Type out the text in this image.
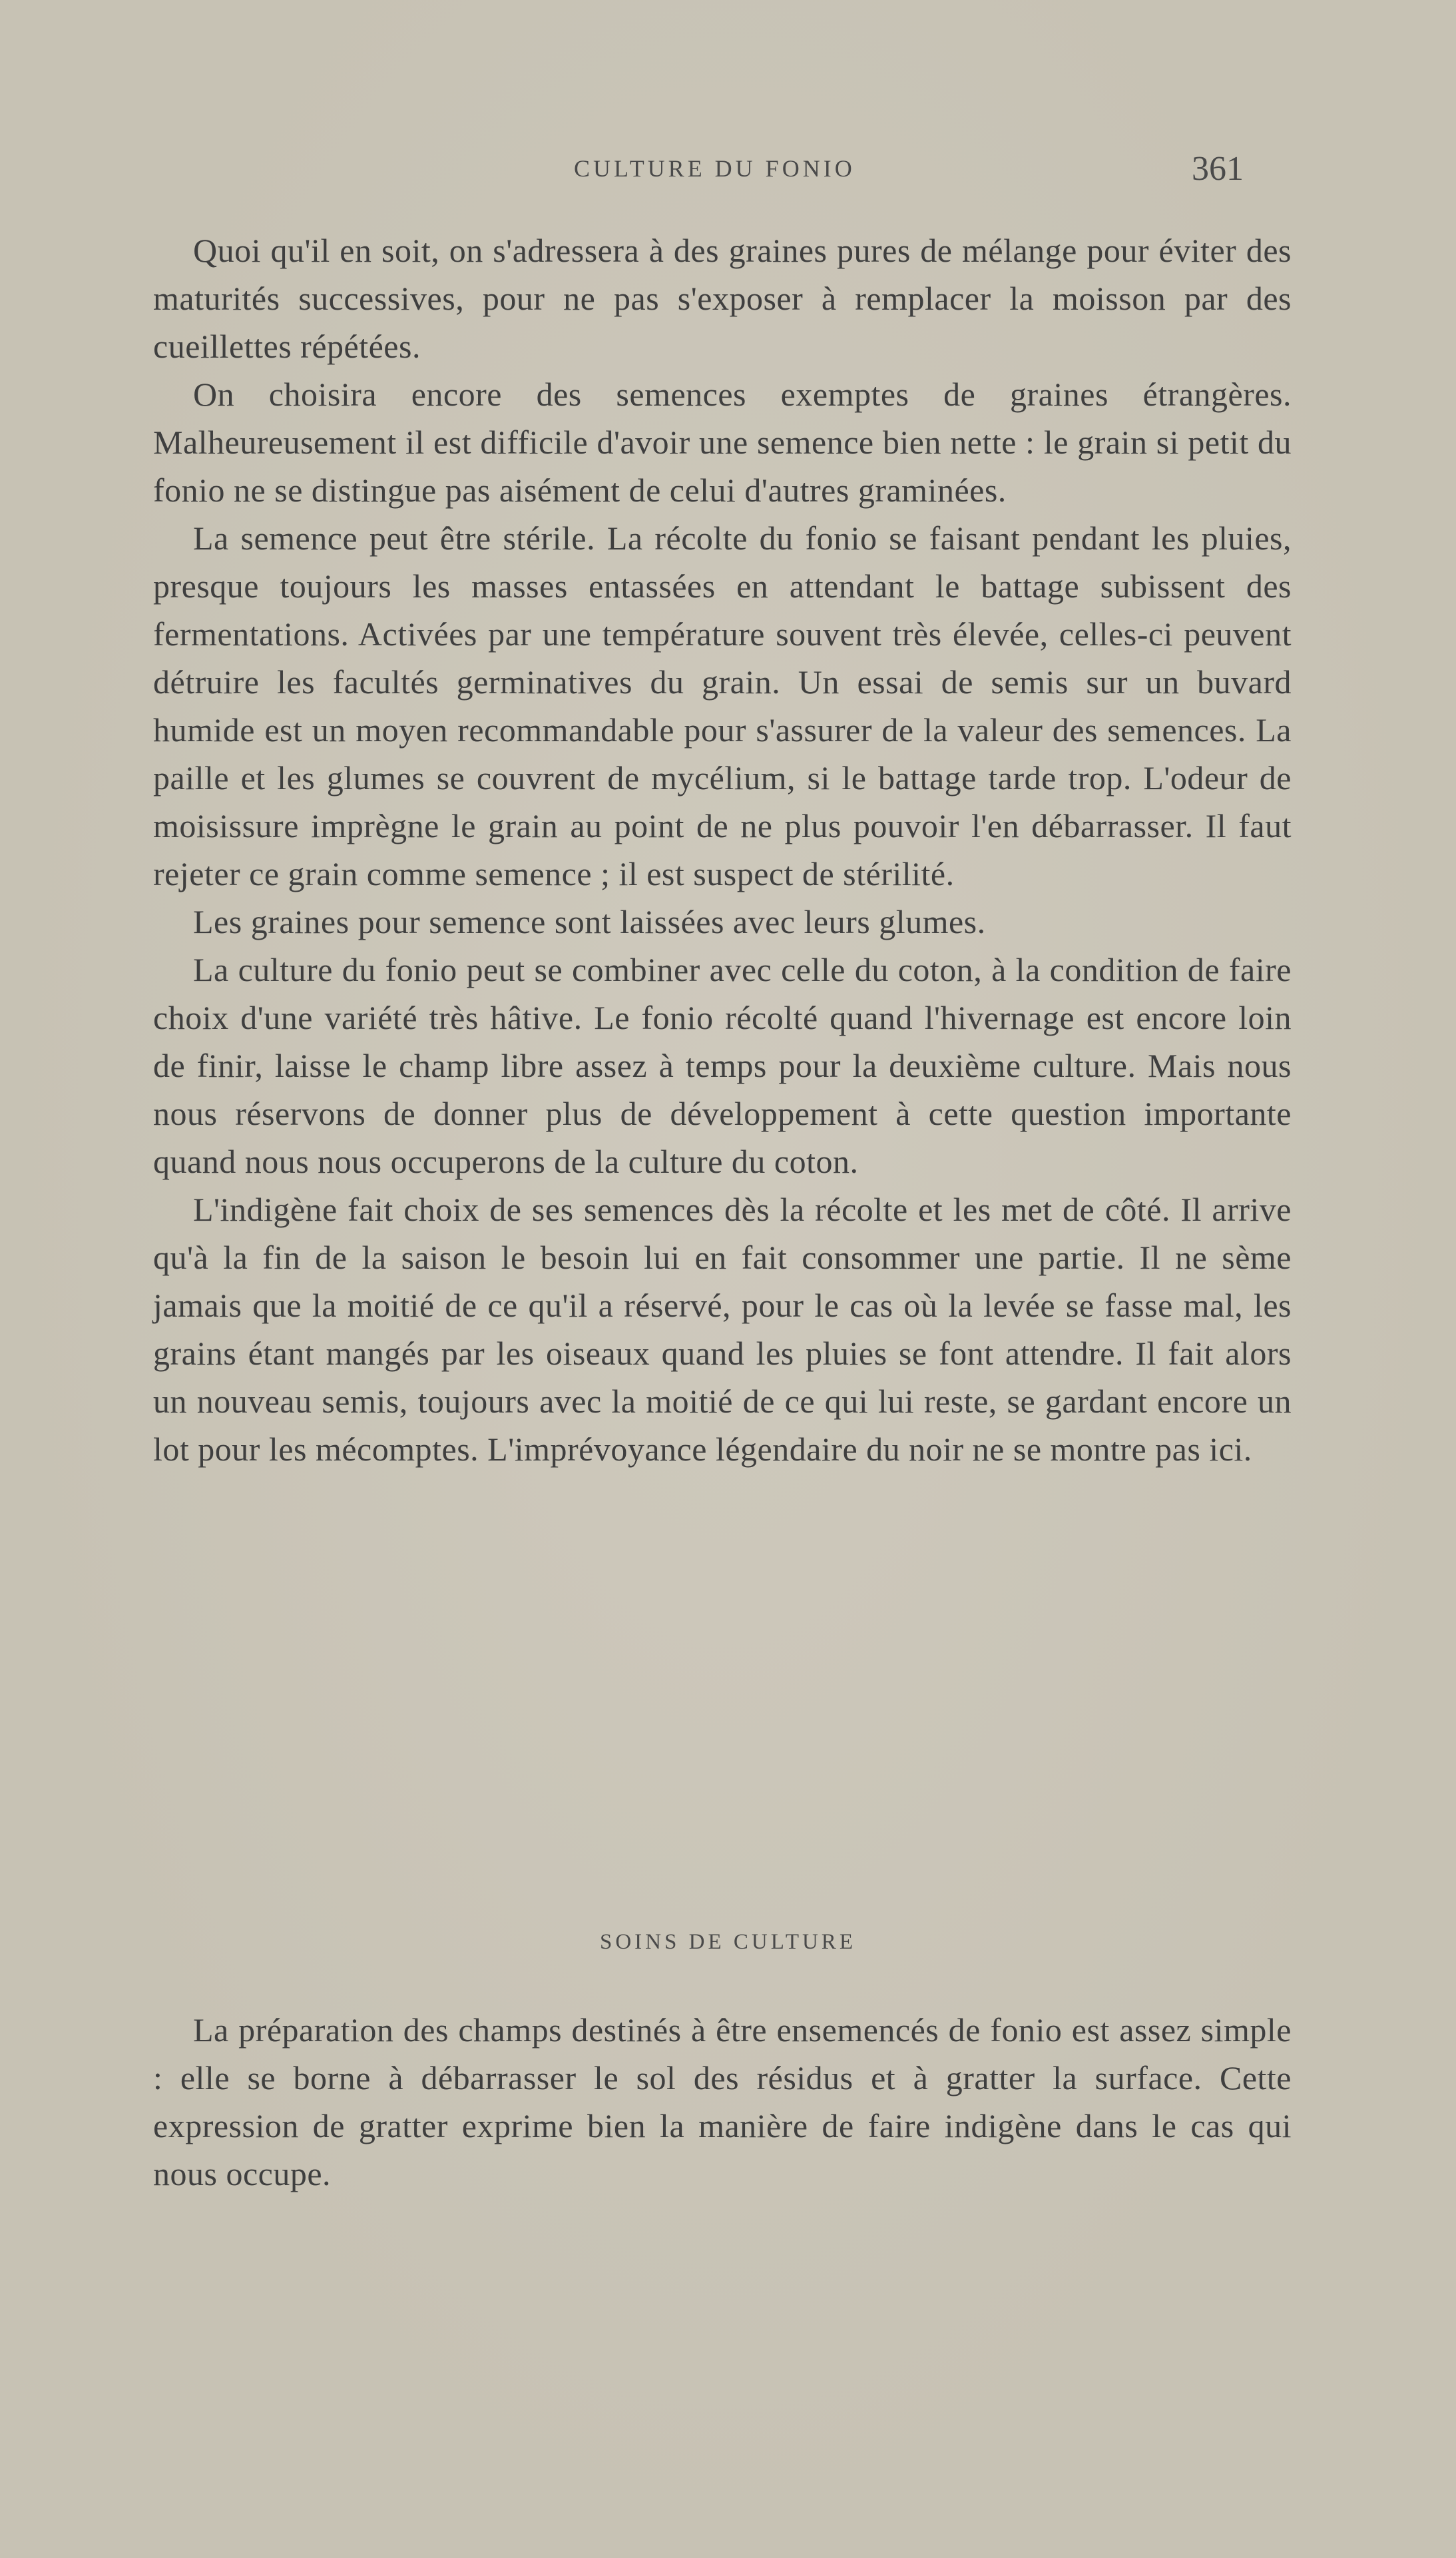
CULTURE DU FONIO	361

Quoi qu'il en soit, on s'adressera à des graines pures de mélange pour éviter des maturités successives, pour ne pas s'exposer à remplacer la moisson par des cueillettes répétées.

On choisira encore des semences exemptes de graines étrangères. Malheureusement il est difficile d'avoir une semence bien nette : le grain si petit du fonio ne se distingue pas aisément de celui d'autres graminées.

La semence peut être stérile. La récolte du fonio se faisant pendant les pluies, presque toujours les masses entassées en attendant le battage subissent des fermentations. Activées par une température souvent très élevée, celles-ci peuvent détruire les facultés germinatives du grain. Un essai de semis sur un buvard humide est un moyen recommandable pour s'assurer de la valeur des semences. La paille et les glumes se couvrent de mycélium, si le battage tarde trop. L'odeur de moisissure imprègne le grain au point de ne plus pouvoir l'en débarrasser. Il faut rejeter ce grain comme semence ; il est suspect de stérilité.

Les graines pour semence sont laissées avec leurs glumes.

La culture du fonio peut se combiner avec celle du coton, à la condition de faire choix d'une variété très hâtive. Le fonio récolté quand l'hivernage est encore loin de finir, laisse le champ libre assez à temps pour la deuxième culture. Mais nous nous réservons de donner plus de développement à cette question importante quand nous nous occuperons de la culture du coton.

L'indigène fait choix de ses semences dès la récolte et les met de côté. Il arrive qu'à la fin de la saison le besoin lui en fait consommer une partie. Il ne sème jamais que la moitié de ce qu'il a réservé, pour le cas où la levée se fasse mal, les grains étant mangés par les oiseaux quand les pluies se font attendre. Il fait alors un nouveau semis, toujours avec la moitié de ce qui lui reste, se gardant encore un lot pour les mécomptes. L'imprévoyance légendaire du noir ne se montre pas ici.

SOINS DE CULTURE

La préparation des champs destinés à être ensemencés de fonio est assez simple : elle se borne à débarrasser le sol des résidus et à gratter la surface. Cette expression de gratter exprime bien la manière de faire indigène dans le cas qui nous occupe.
